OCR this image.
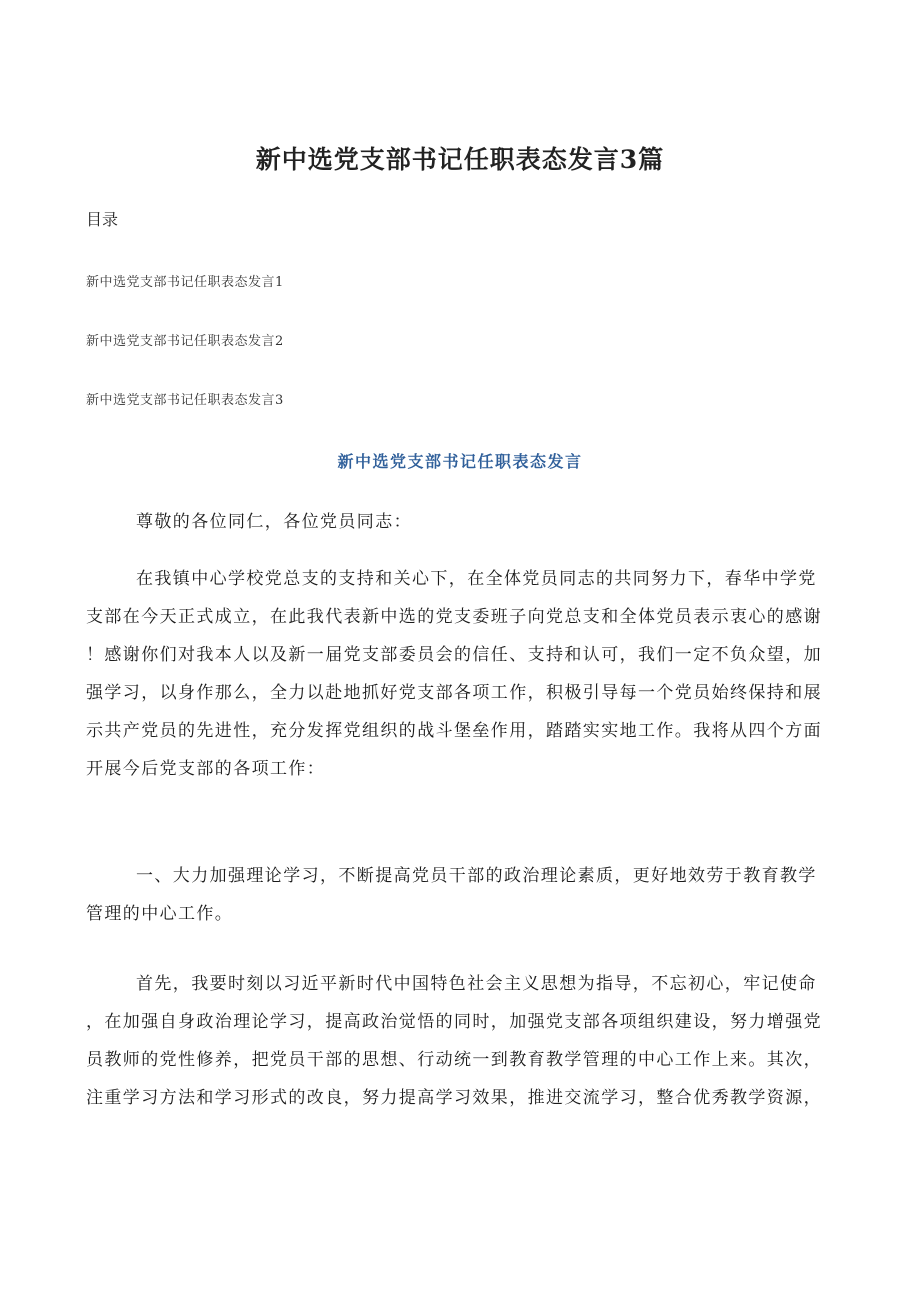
新中选党支部书记任职表态发言3篇
目录
新中选党支部书记任职表态发言1
新中选党支部书记任职表态发言2
新中选党支部书记任职表态发言3
新中选党支部书记任职表态发言
尊敬的各位同仁，各位党员同志：
在我镇中心学校党总支的支持和关心下，在全体党员同志的共同努力下，春华中学党
支部在今天正式成立，在此我代表新中选的党支委班子向党总支和全体党员表示衷心的感谢
！感谢你们对我本人以及新一届党支部委员会的信任、支持和认可，我们一定不负众望，加
强学习，以身作那么，全力以赴地抓好党支部各项工作，积极引导每一个党员始终保持和展
示共产党员的先进性，充分发挥党组织的战斗堡垒作用，踏踏实实地工作。我将从四个方面
开展今后党支部的各项工作：
一、大力加强理论学习，不断提高党员干部的政治理论素质，更好地效劳于教育教学
管理的中心工作。
首先，我要时刻以习近平新时代中国特色社会主义思想为指导，不忘初心，牢记使命
，在加强自身政治理论学习，提高政治觉悟的同时，加强党支部各项组织建设，努力增强党
员教师的党性修养，把党员干部的思想、行动统一到教育教学管理的中心工作上来。其次，
注重学习方法和学习形式的改良，努力提高学习效果，推进交流学习，整合优秀教学资源，
